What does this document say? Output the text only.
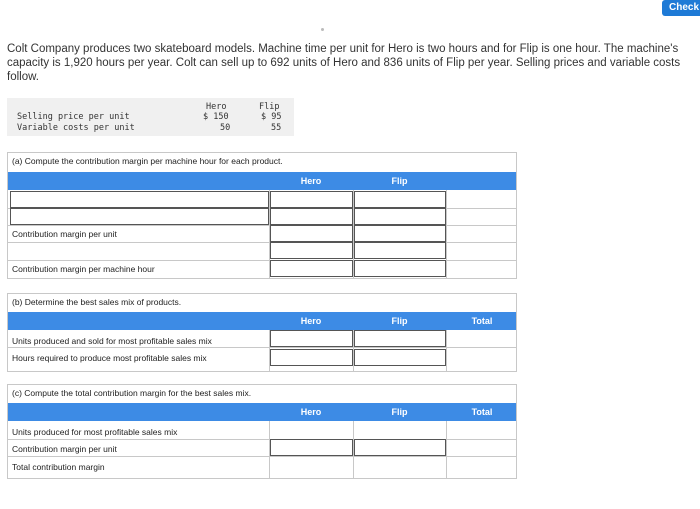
Check
Colt Company produces two skateboard models. Machine time per unit for Hero is two hours and for Flip is one hour. The machine's capacity is 1,920 hours per year. Colt can sell up to 692 units of Hero and 836 units of Flip per year. Selling prices and variable costs follow.
Hero	Flip
Selling price per unit	$ 150	$ 95
Variable costs per unit	50	55
(a) Compute the contribution margin per machine hour for each product.
Hero	Flip
Contribution margin per unit
Contribution margin per machine hour
(b) Determine the best sales mix of products.
Hero	Flip	Total
Units produced and sold for most profitable sales mix
Hours required to produce most profitable sales mix
(c) Compute the total contribution margin for the best sales mix.
Hero	Flip	Total
Units produced for most profitable sales mix
Contribution margin per unit
Total contribution margin
